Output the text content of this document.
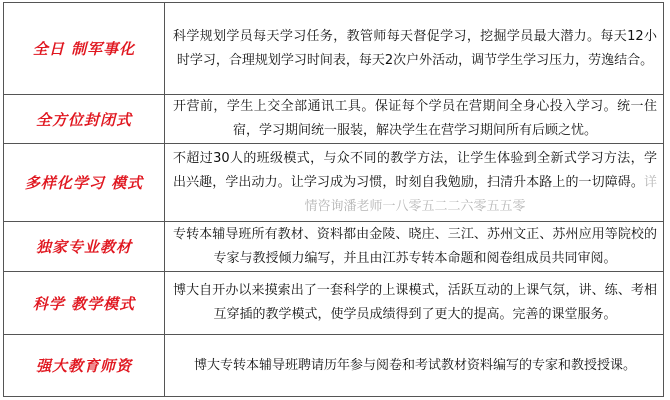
全日 制军事化	科学规划学员每天学习任务，教管师每天督促学习，挖掘学员最大潜力。每天12小时学习，合理规划学习时间表，每天2次户外活动，调节学生学习压力，劳逸结合。

全方位封闭式	开营前，学生上交全部通讯工具。保证每个学员在营期间全身心投入学习。统一住宿，学习期间统一服装，解决学生在营学习期间所有后顾之忧。

多样化学习 模式	不超过30人的班级模式，与众不同的教学方法，让学生体验到全新式学习方法，学出兴趣，学出动力。让学习成为习惯，时刻自我勉励，扫清升本路上的一切障碍。详情咨询潘老师一八零五二二六零五五零

独家专业教材	专转本辅导班所有教材、资料都由金陵、晓庄、三江、苏州文正、苏州应用等院校的专家与教授倾力编写，并且由江苏专转本命题和阅卷组成员共同审阅。

科学 教学模式	博大自开办以来摸索出了一套科学的上课模式，活跃互动的上课气氛，讲、练、考相互穿插的教学模式，使学员成绩得到了更大的提高。完善的课堂服务。

强大教育师资	博大专转本辅导班聘请历年参与阅卷和考试教材资料编写的专家和教授授课。
